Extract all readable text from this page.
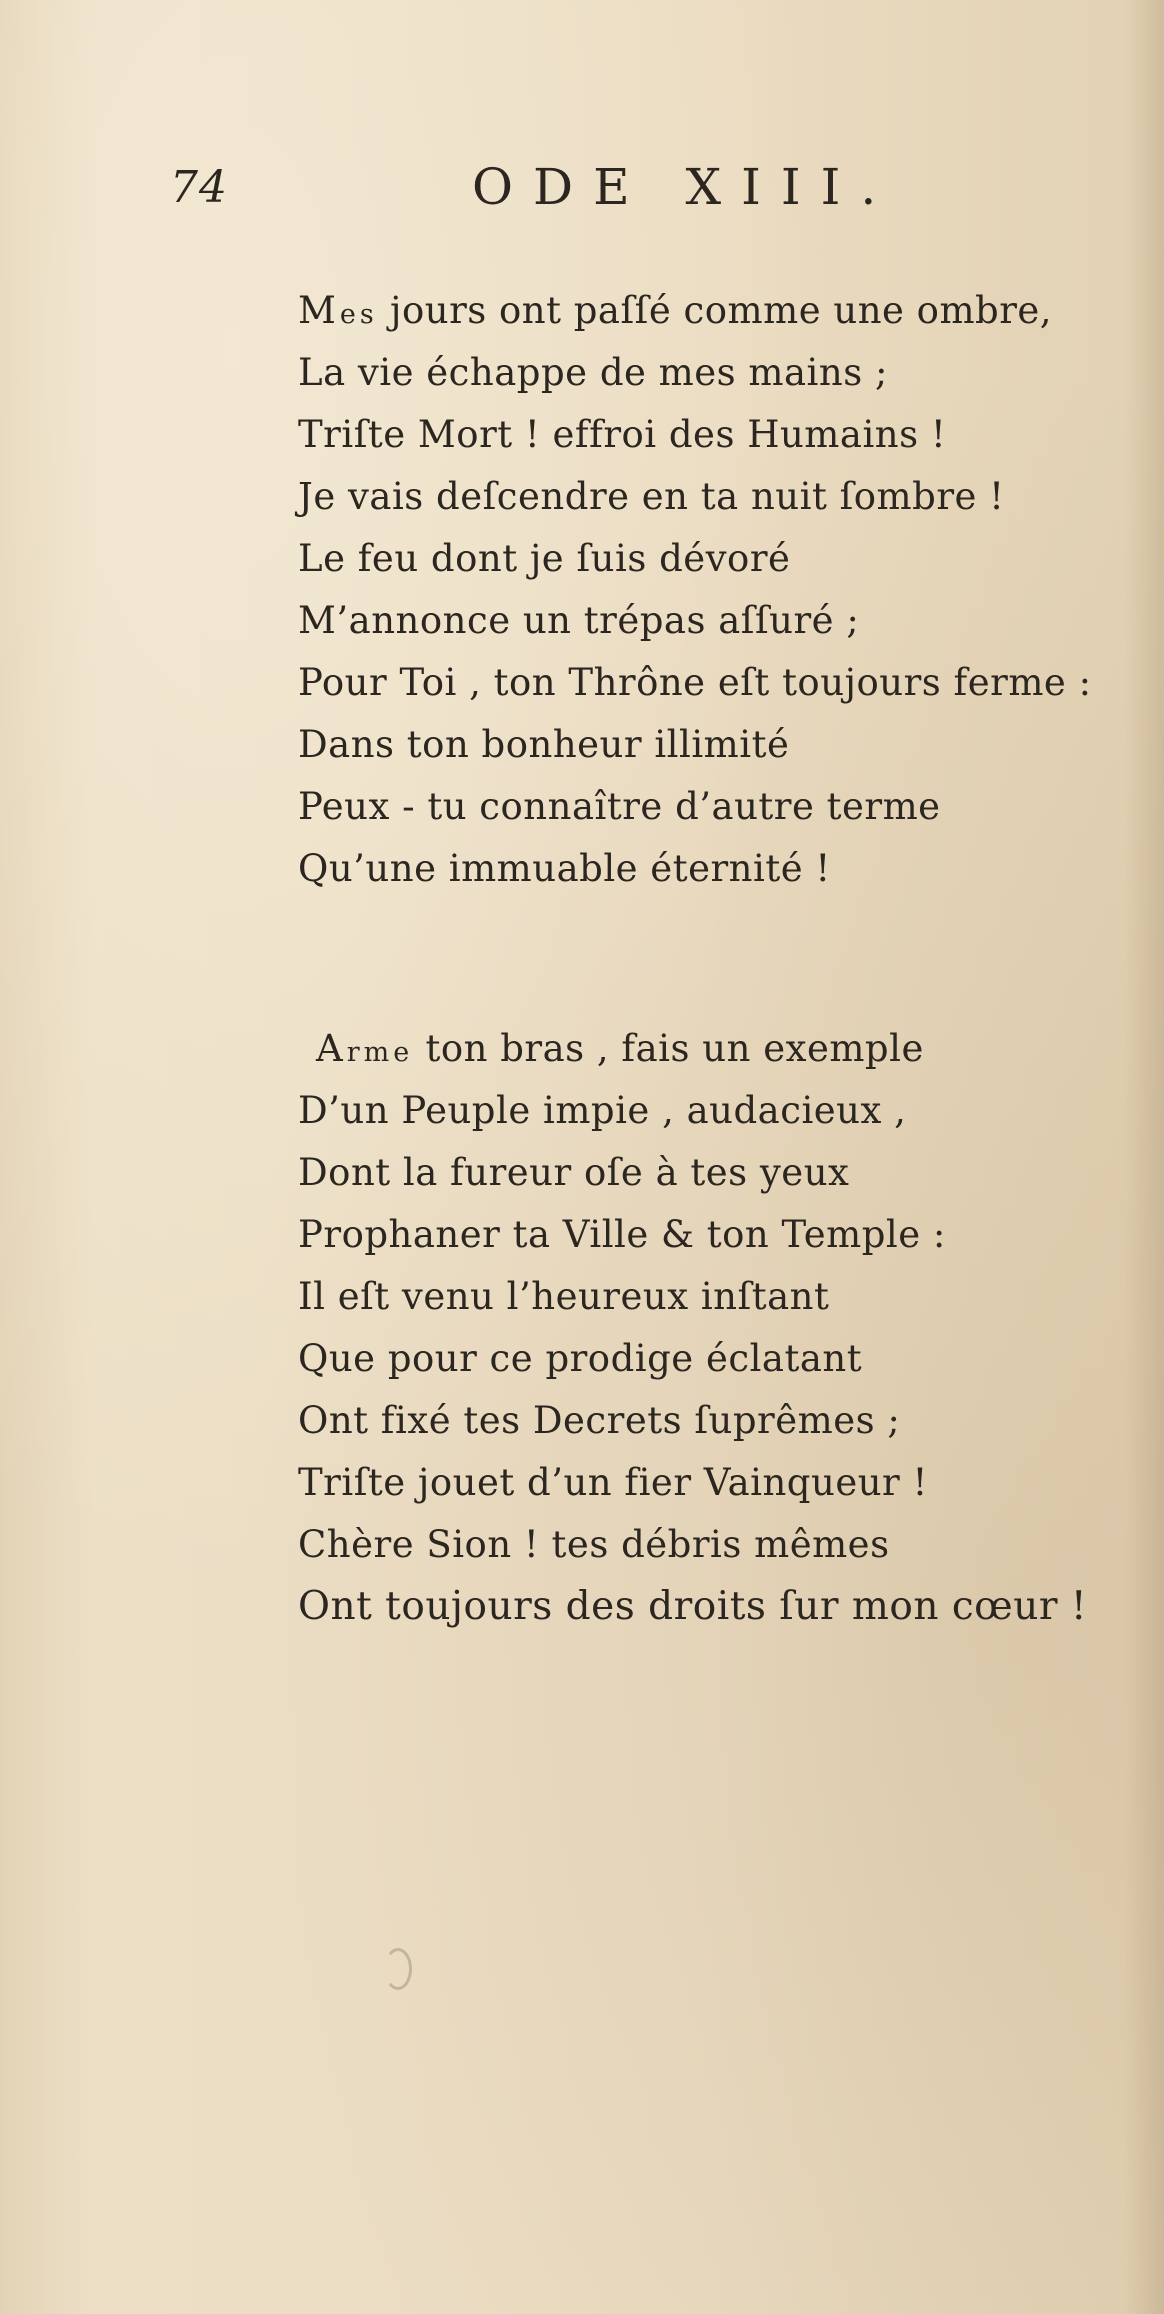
74	ODE XIII.
Mes jours ont paſſé comme une ombre,
La vie échappe de mes mains ;
Triſte Mort ! effroi des Humains !
Je vais deſcendre en ta nuit ſombre !
Le feu dont je ſuis dévoré
M’annonce un trépas aſſuré ;
Pour Toi , ton Thrône eſt toujours ferme :
Dans ton bonheur illimité
Peux - tu connaître d’autre terme
Qu’une immuable éternité !
Arme ton bras , fais un exemple
D’un Peuple impie , audacieux ,
Dont la fureur oſe à tes yeux
Prophaner ta Ville & ton Temple :
Il eſt venu l’heureux inſtant
Que pour ce prodige éclatant
Ont fixé tes Decrets ſuprêmes ;
Triſte jouet d’un fier Vainqueur !
Chère Sion ! tes débris mêmes
Ont toujours des droits ſur mon cœur !
